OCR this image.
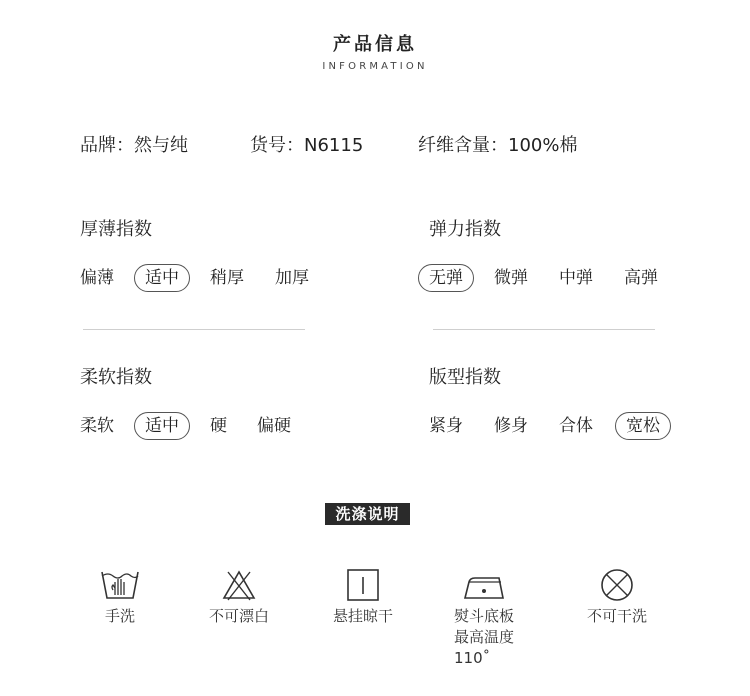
产品信息
INFORMATION
品牌：然与纯	货号：N6115	纤维含量：100%棉
厚薄指数
偏薄	适中	稍厚 加厚
弹力指数
无弹	微弹 中弹 高弹
柔软指数
柔软	适中	硬 偏硬
版型指数
紧身 修身 合体	宽松
洗涤说明
手洗	不可漂白	悬挂晾干	熨斗底板
最高温度110˚
不可干洗
